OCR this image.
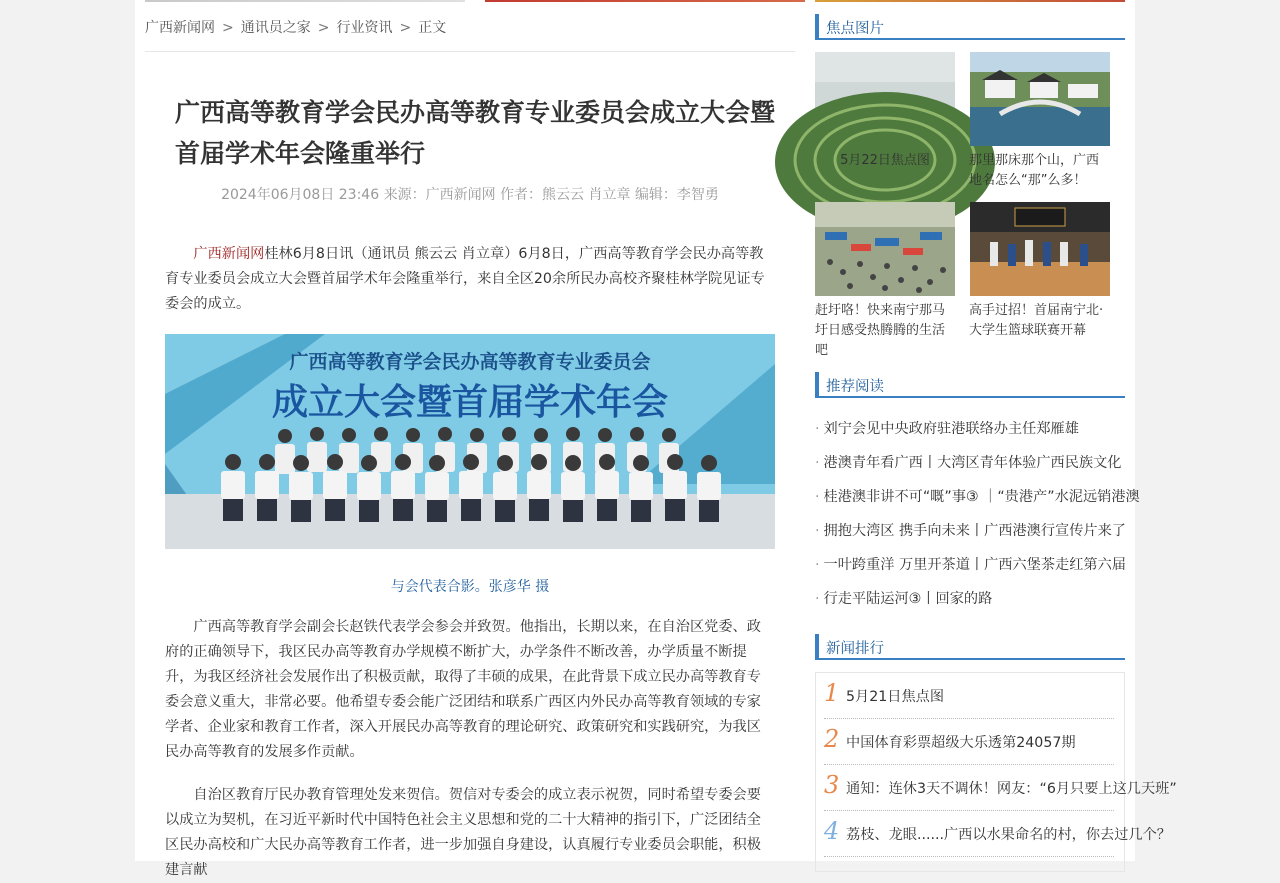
广西新闻网 > 通讯员之家 > 行业资讯 > 正文
广西高等教育学会民办高等教育专业委员会成立大会暨首届学术年会隆重举行
2024年06月08日 23:46 来源：广西新闻网 作者：熊云云 肖立章 编辑：李智勇

广西新闻网桂林6月8日讯（通讯员 熊云云 肖立章）6月8日，广西高等教育学会民办高等教育专业委员会成立大会暨首届学术年会隆重举行，来自全区20余所民办高校齐聚桂林学院见证专委会的成立。

广西高等教育学会民办高等教育专业委员会
成立大会暨首届学术年会
与会代表合影。张彦华 摄

广西高等教育学会副会长赵铁代表学会参会并致贺。他指出，长期以来，在自治区党委、政府的正确领导下，我区民办高等教育办学规模不断扩大，办学条件不断改善，办学质量不断提升，为我区经济社会发展作出了积极贡献，取得了丰硕的成果，在此背景下成立民办高等教育专委会意义重大，非常必要。他希望专委会能广泛团结和联系广西区内外民办高等教育领域的专家学者、企业家和教育工作者，深入开展民办高等教育的理论研究、政策研究和实践研究，为我区民办高等教育的发展多作贡献。

自治区教育厅民办教育管理处发来贺信。贺信对专委会的成立表示祝贺，同时希望专委会要以成立为契机，在习近平新时代中国特色社会主义思想和党的二十大精神的指引下，广泛团结全区民办高校和广大民办高等教育工作者，进一步加强自身建设，认真履行专业委员会职能，积极建言献

焦点图片
5月22日焦点图	那里那床那个山，广西地名怎么“那”么多！
赶圩咯！快来南宁那马圩日感受热腾腾的生活吧
高手过招！首届南宁北·大学生篮球联赛开幕
推荐阅读
· 刘宁会见中央政府驻港联络办主任郑雁雄
· 港澳青年看广西丨大湾区青年体验广西民族文化
· 桂港澳非讲不可“嘅”事③ ｜“贵港产”水泥远销港澳
· 拥抱大湾区 携手向未来丨广西港澳行宣传片来了
· 一叶跨重洋 万里开茶道丨广西六堡茶走红第六届
· 行走平陆运河③丨回家的路
新闻排行
1 5月21日焦点图
2 中国体育彩票超级大乐透第24057期
3 通知：连休3天不调休！网友：“6月只要上这几天班”
4 荔枝、龙眼......广西以水果命名的村，你去过几个？
